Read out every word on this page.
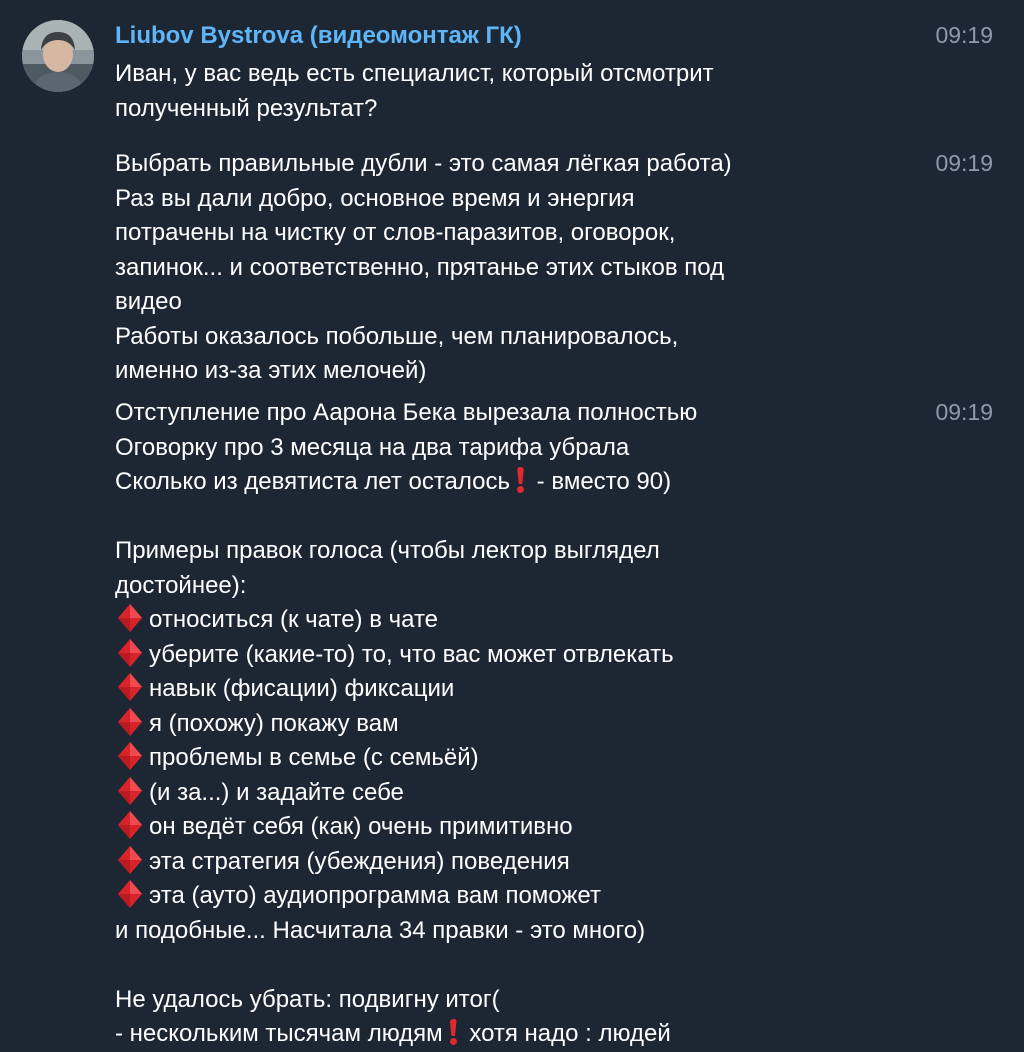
Liubov Bystrova (видеомонтаж ГК)	09:19
Иван, у вас ведь есть специалист, который отсмотрит
полученный результат?
09:19
Выбрать правильные дубли - это самая лёгкая работа)
Раз вы дали добро, основное время и энергия
потрачены на чистку от слов-паразитов, оговорок,
запинок... и соответственно, прятанье этих стыков под
видео
Работы оказалось побольше, чем планировалось,
именно из-за этих мелочей)
09:19
Отступление про Аарона Бека вырезала полностью
Оговорку про 3 месяца на два тарифа убрала
Сколько из девятиста лет осталось - вместо 90)
Примеры правок голоса (чтобы лектор выглядел
достойнее):
относиться (к чате) в чате
уберите (какие-то) то, что вас может отвлекать
навык (фисации) фиксации
я (похожу) покажу вам
проблемы в семье (с семьёй)
(и за...) и задайте себе
он ведёт себя (как) очень примитивно
эта стратегия (убеждения) поведения
эта (ауто) аудиопрограмма вам поможет
и подобные... Насчитала 34 правки - это много)
Не удалось убрать: подвигну итог(
- нескольким тысячам людям хотя надо : людей
